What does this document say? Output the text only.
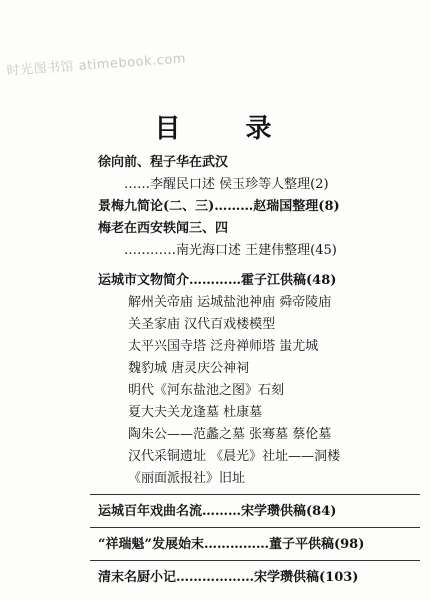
时光图书馆 atimebook.com
目 录
徐向前、程子华在武汉
……李醒民口述 侯玉珍等人整理(2)
景梅九简论(二、三)………赵瑞国整理(8)
梅老在西安轶闻三、四
…………南光海口述 王建伟整理(45)
运城市文物简介…………霍子江供稿(48)
解州关帝庙 运城盐池神庙 舜帝陵庙
关圣家庙 汉代百戏楼模型
太平兴国寺塔 泛舟禅师塔 蚩尤城
魏豹城 唐灵庆公神祠
明代《河东盐池之图》石刻
夏大夫关龙逢墓 杜康墓
陶朱公——范蠡之墓 张骞墓 蔡伦墓
汉代采铜遗址 《晨光》社址——洞楼
《丽面派报社》旧址
运城百年戏曲名流………宋学瓒供稿(84)
“祥瑞魁”发展始末……………董子平供稿(98)
清末名厨小记………………宋学瓒供稿(103)
